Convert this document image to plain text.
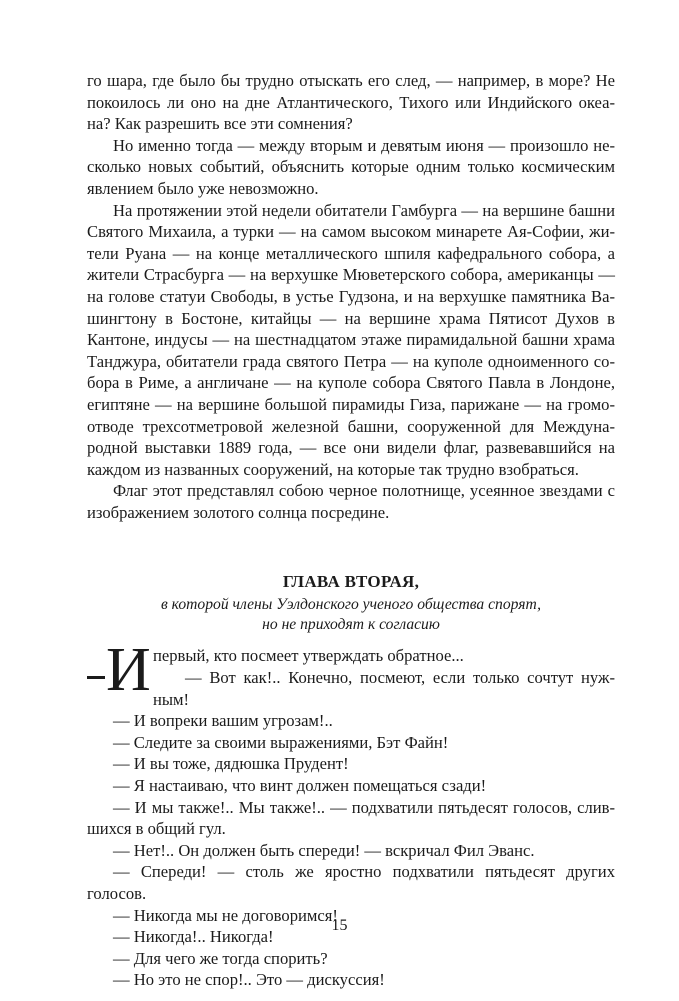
го шара, где было бы трудно отыскать его след, — например, в море? Не покоилось ли оно на дне Атлантического, Тихого или Индийского океа-на? Как разрешить все эти сомнения?

Но именно тогда — между вторым и девятым июня — произошло не-сколько новых событий, объяснить которые одним только космическим явлением было уже невозможно.

На протяжении этой недели обитатели Гамбурга — на вершине башни Святого Михаила, а турки — на самом высоком минарете Ая-Софии, жи-тели Руана — на конце металлического шпиля кафедрального собора, а жители Страсбурга — на верхушке Мюветерского собора, американцы — на голове статуи Свободы, в устье Гудзона, и на верхушке памятника Ва-шингтону в Бостоне, китайцы — на вершине храма Пятисот Духов в Кантоне, индусы — на шестнадцатом этаже пирамидальной башни храма Танджура, обитатели града святого Петра — на куполе одноименного со-бора в Риме, а англичане — на куполе собора Святого Павла в Лондоне, египтяне — на вершине большой пирамиды Гиза, парижане — на громо-отводе трехсотметровой железной башни, сооруженной для Междуна-родной выставки 1889 года, — все они видели флаг, развевавшийся на каждом из названных сооружений, на которые так трудно взобраться.

Флаг этот представлял собою черное полотнище, усеянное звездами с изображением золотого солнца посредине.

ГЛАВА ВТОРАЯ,

в которой члены Уэлдонского ученого общества спорят,

но не приходят к согласию

И первый, кто посмеет утверждать обратное...

— Вот как!.. Конечно, посмеют, если только сочтут нуж-ным!

— И вопреки вашим угрозам!..

— Следите за своими выражениями, Бэт Файн!

— И вы тоже, дядюшка Прудент!

— Я настаиваю, что винт должен помещаться сзади!

— И мы также!.. Мы также!.. — подхватили пятьдесят голосов, слив-шихся в общий гул.

— Нет!.. Он должен быть спереди! — вскричал Фил Эванс.

— Спереди! — столь же яростно подхватили пятьдесят других голосов.

— Никогда мы не договоримся!

— Никогда!.. Никогда!

— Для чего же тогда спорить?

— Но это не спор!.. Это — дискуссия!

15
